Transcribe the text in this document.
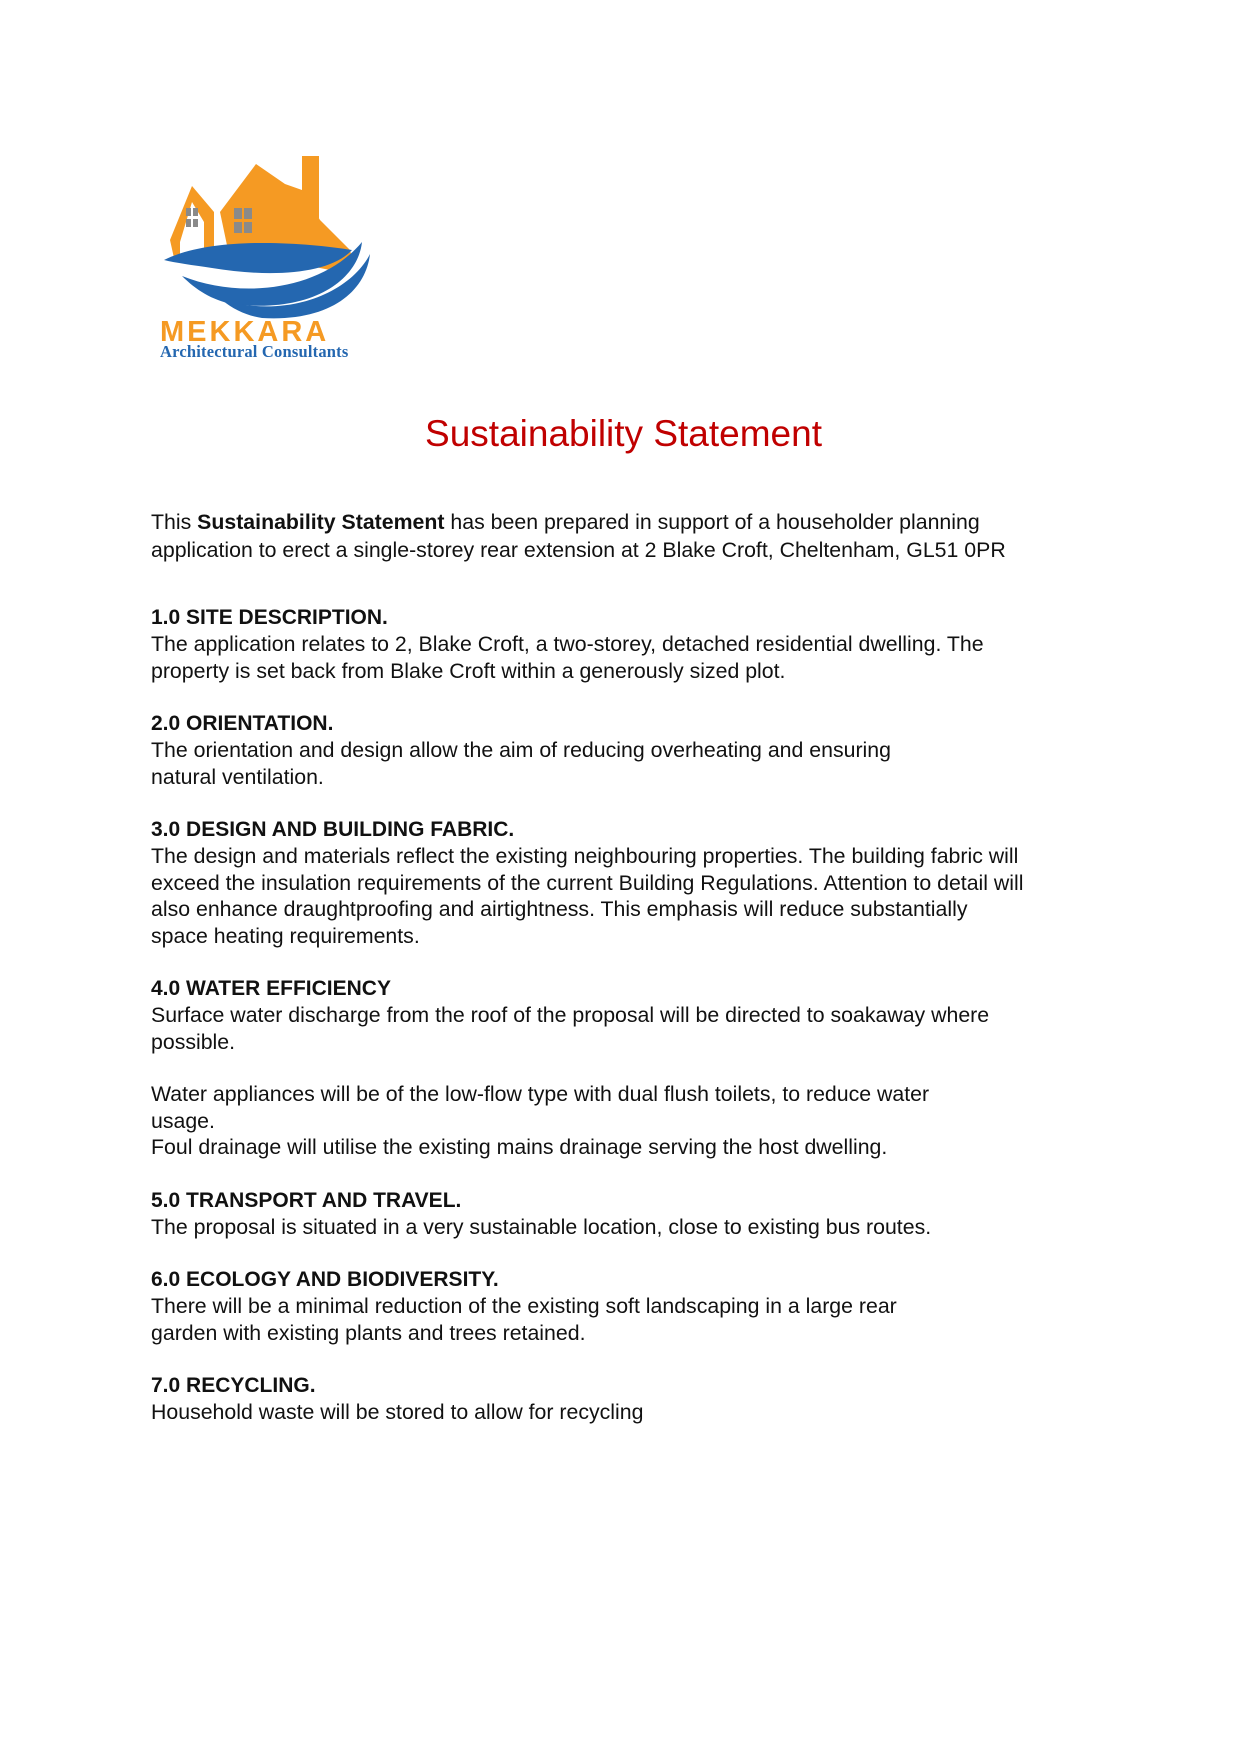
MEKKARA
Architectural Consultants
Sustainability Statement

This Sustainability Statement has been prepared in support of a householder planning
application to erect a single-storey rear extension at 2 Blake Croft, Cheltenham, GL51 0PR

1.0 SITE DESCRIPTION.

The application relates to 2, Blake Croft, a two-storey, detached residential dwelling. The
property is set back from Blake Croft within a generously sized plot.

2.0 ORIENTATION.

The orientation and design allow the aim of reducing overheating and ensuring
natural ventilation.

3.0 DESIGN AND BUILDING FABRIC.

The design and materials reflect the existing neighbouring properties. The building fabric will
exceed the insulation requirements of the current Building Regulations. Attention to detail will
also enhance draughtproofing and airtightness. This emphasis will reduce substantially
space heating requirements.

4.0 WATER EFFICIENCY

Surface water discharge from the roof of the proposal will be directed to soakaway where
possible.

Water appliances will be of the low-flow type with dual flush toilets, to reduce water
usage.
Foul drainage will utilise the existing mains drainage serving the host dwelling.

5.0 TRANSPORT AND TRAVEL.

The proposal is situated in a very sustainable location, close to existing bus routes.

6.0 ECOLOGY AND BIODIVERSITY.

There will be a minimal reduction of the existing soft landscaping in a large rear
garden with existing plants and trees retained.

7.0 RECYCLING.

Household waste will be stored to allow for recycling
